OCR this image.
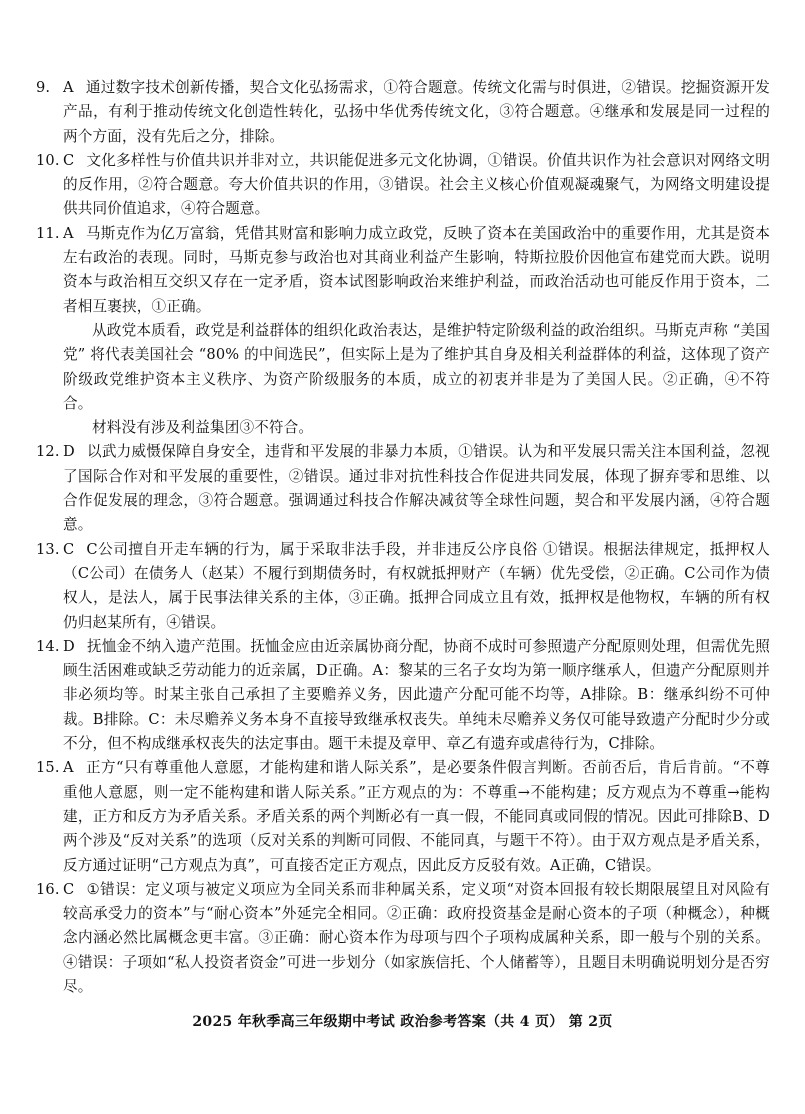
9. A 通过数字技术创新传播，契合文化弘扬需求，①符合题意。传统文化需与时俱进，②错误。挖掘资源开发产品，有利于推动传统文化创造性转化，弘扬中华优秀传统文化，③符合题意。④继承和发展是同一过程的两个方面，没有先后之分，排除。

10. C 文化多样性与价值共识并非对立，共识能促进多元文化协调，①错误。价值共识作为社会意识对网络文明的反作用，②符合题意。夸大价值共识的作用，③错误。社会主义核心价值观凝魂聚气，为网络文明建设提供共同价值追求，④符合题意。

11. A 马斯克作为亿万富翁，凭借其财富和影响力成立政党，反映了资本在美国政治中的重要作用，尤其是资本左右政治的表现。同时，马斯克参与政治也对其商业利益产生影响，特斯拉股价因他宣布建党而大跌。说明资本与政治相互交织又存在一定矛盾，资本试图影响政治来维护利益，而政治活动也可能反作用于资本，二者相互裹挟，①正确。

从政党本质看，政党是利益群体的组织化政治表达，是维护特定阶级利益的政治组织。马斯克声称 “美国党” 将代表美国社会 “80% 的中间选民”，但实际上是为了维护其自身及相关利益群体的利益，这体现了资产阶级政党维护资本主义秩序、为资产阶级服务的本质，成立的初衷并非是为了美国人民。②正确，④不符合。

材料没有涉及利益集团③不符合。

12. D 以武力威慑保障自身安全，违背和平发展的非暴力本质，①错误。认为和平发展只需关注本国利益，忽视了国际合作对和平发展的重要性，②错误。通过非对抗性科技合作促进共同发展，体现了摒弃零和思维、以合作促发展的理念，③符合题意。强调通过科技合作解决减贫等全球性问题，契合和平发展内涵，④符合题意。

13. C C公司擅自开走车辆的行为，属于采取非法手段，并非违反公序良俗 ①错误。根据法律规定，抵押权人（C公司）在债务人（赵某）不履行到期债务时，有权就抵押财产（车辆）优先受偿，②正确。C公司作为债权人，是法人，属于民事法律关系的主体，③正确。抵押合同成立且有效，抵押权是他物权，车辆的所有权仍归赵某所有，④错误。

14. D 抚恤金不纳入遗产范围。抚恤金应由近亲属协商分配，协商不成时可参照遗产分配原则处理，但需优先照顾生活困难或缺乏劳动能力的近亲属，D正确。A：黎某的三名子女均为第一顺序继承人，但遗产分配原则并非必须均等。时某主张自己承担了主要赡养义务，因此遗产分配可能不均等，A排除。B：继承纠纷不可仲裁。B排除。C：未尽赡养义务本身不直接导致继承权丧失。单纯未尽赡养义务仅可能导致遗产分配时少分或不分，但不构成继承权丧失的法定事由。题干未提及章甲、章乙有遗弃或虐待行为，C排除。

15. A 正方“只有尊重他人意愿，才能构建和谐人际关系”，是必要条件假言判断。否前否后，肯后肯前。“不尊重他人意愿，则一定不能构建和谐人际关系。”正方观点的为：不尊重→不能构建；反方观点为不尊重→能构建，正方和反方为矛盾关系。矛盾关系的两个判断必有一真一假，不能同真或同假的情况。因此可排除B、D两个涉及“反对关系”的选项（反对关系的判断可同假、不能同真，与题干不符）。由于双方观点是矛盾关系，反方通过证明“己方观点为真”，可直接否定正方观点，因此反方反驳有效。A正确，C错误。

16. C ①错误：定义项与被定义项应为全同关系而非种属关系，定义项“对资本回报有较长期限展望且对风险有较高承受力的资本”与“耐心资本”外延完全相同。②正确：政府投资基金是耐心资本的子项（种概念），种概念内涵必然比属概念更丰富。③正确：耐心资本作为母项与四个子项构成属种关系，即一般与个别的关系。④错误：子项如“私人投资者资金”可进一步划分（如家族信托、个人储蓄等），且题目未明确说明划分是否穷尽。

2025 年秋季高三年级期中考试 政治参考答案（共 4 页） 第 2页
